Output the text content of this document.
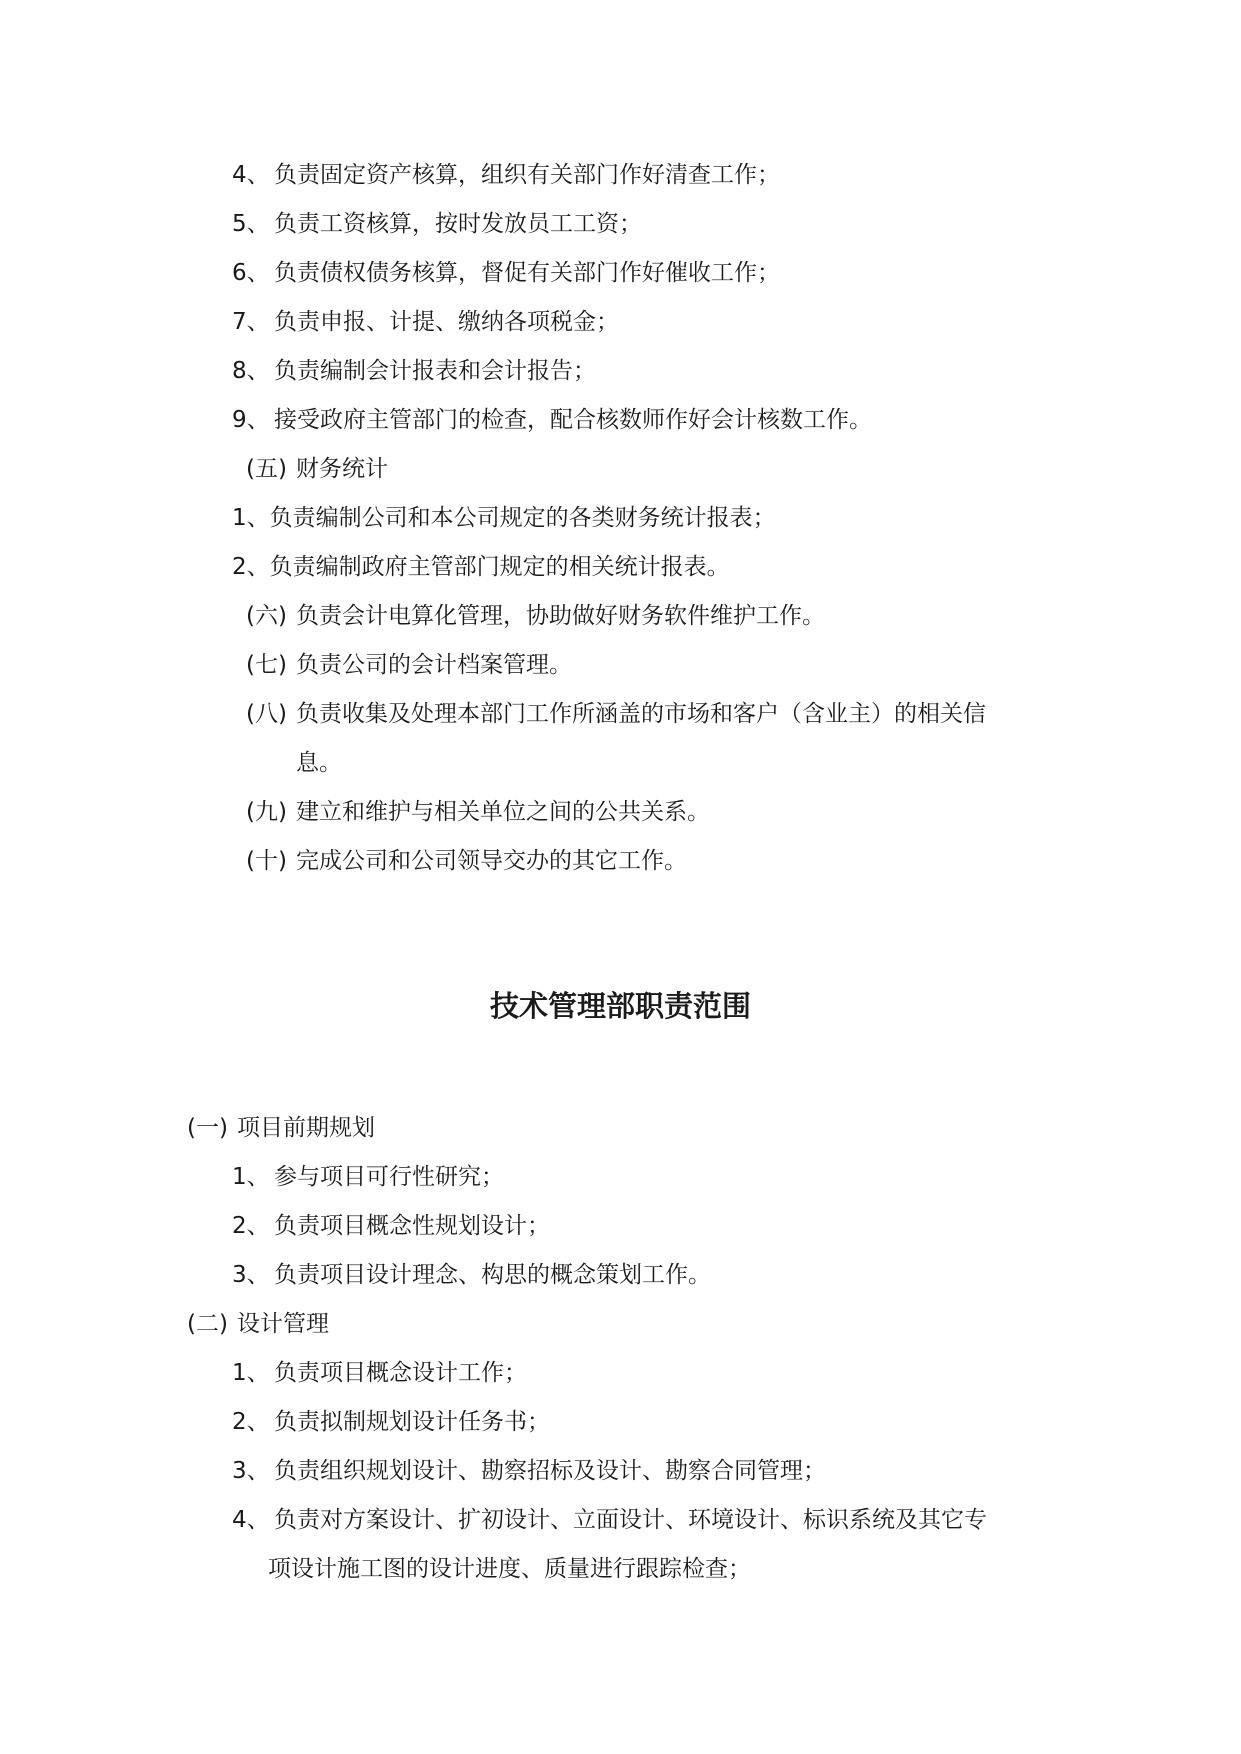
4、 负责固定资产核算，组织有关部门作好清查工作；
5、 负责工资核算，按时发放员工工资；
6、 负责债权债务核算，督促有关部门作好催收工作；
7、 负责申报、计提、缴纳各项税金；
8、 负责编制会计报表和会计报告；
9、 接受政府主管部门的检查，配合核数师作好会计核数工作。
(五) 财务统计
1、负责编制公司和本公司规定的各类财务统计报表；
2、负责编制政府主管部门规定的相关统计报表。
(六) 负责会计电算化管理，协助做好财务软件维护工作。
(七) 负责公司的会计档案管理。
(八) 负责收集及处理本部门工作所涵盖的市场和客户（含业主）的相关信
息。
(九) 建立和维护与相关单位之间的公共关系。
(十) 完成公司和公司领导交办的其它工作。
技术管理部职责范围
(一) 项目前期规划
1、 参与项目可行性研究；
2、 负责项目概念性规划设计；
3、 负责项目设计理念、构思的概念策划工作。
(二) 设计管理
1、 负责项目概念设计工作；
2、 负责拟制规划设计任务书；
3、 负责组织规划设计、勘察招标及设计、勘察合同管理；
4、 负责对方案设计、扩初设计、立面设计、环境设计、标识系统及其它专
项设计施工图的设计进度、质量进行跟踪检查；
